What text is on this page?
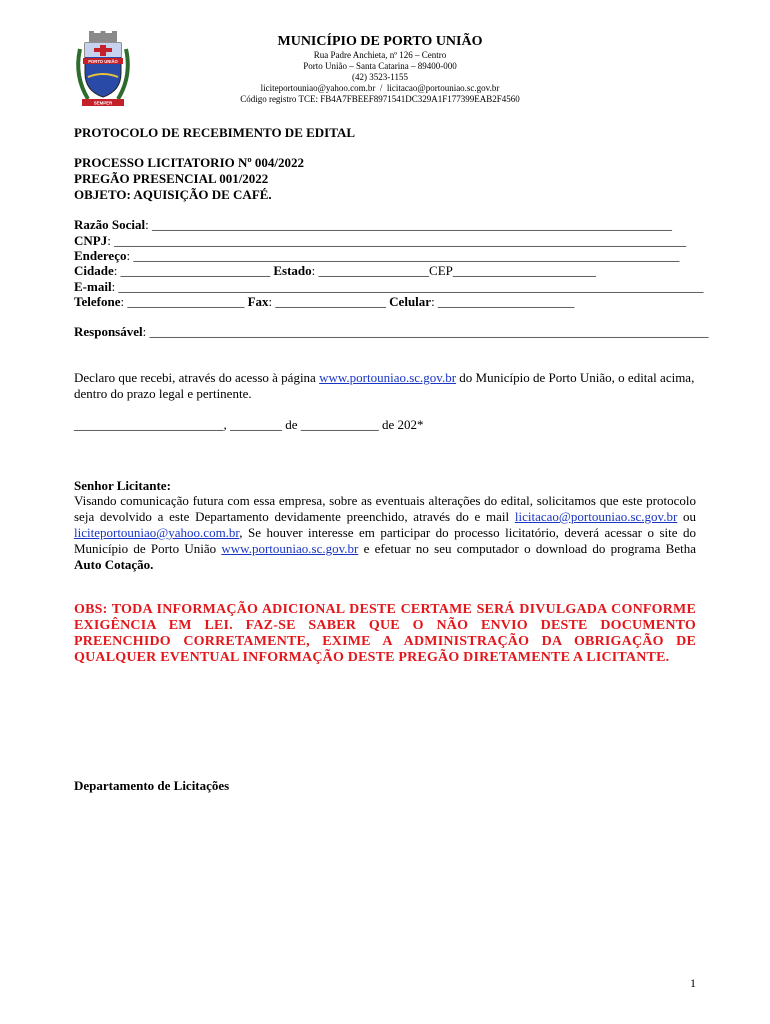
PORTO UNIÃO
SEMPER
MUNICÍPIO DE PORTO UNIÃO
Rua Padre Anchieta, nº 126 – Centro
Porto União – Santa Catarina – 89400-000
(42) 3523-1155
liciteportouniao@yahoo.com.br / licitacao@portouniao.sc.gov.br
Código registro TCE: FB4A7FBEEF8971541DC329A1F177399EAB2F4560
PROTOCOLO DE RECEBIMENTO DE EDITAL
PROCESSO LICITATORIO Nº 004/2022
PREGÃO PRESENCIAL 001/2022
OBJETO: AQUISIÇÃO DE CAFÉ.
Razão Social: ________________________________________________________________________________
CNPJ: ________________________________________________________________________________________
Endereço: ____________________________________________________________________________________
Cidade: _______________________ Estado: _________________CEP______________________
E-mail: __________________________________________________________________________________________
Telefone: __________________ Fax: _________________ Celular: _____________________
Responsável: ______________________________________________________________________________________
Declaro que recebi, através do acesso à página www.portouniao.sc.gov.br do Município de Porto União, o edital acima, dentro do prazo legal e pertinente.
_______________________, ________ de ____________ de 202*
Senhor Licitante:
Visando comunicação futura com essa empresa, sobre as eventuais alterações do edital, solicitamos que este protocolo seja devolvido a este Departamento devidamente preenchido, através do e mail licitacao@portouniao.sc.gov.br ou liciteportouniao@yahoo.com.br, Se houver interesse em participar do processo licitatório, deverá acessar o site do Município de Porto União www.portouniao.sc.gov.br e efetuar no seu computador o download do programa Betha Auto Cotação.
OBS: TODA INFORMAÇÃO ADICIONAL DESTE CERTAME SERÁ DIVULGADA CONFORME EXIGÊNCIA EM LEI. FAZ-SE SABER QUE O NÃO ENVIO DESTE DOCUMENTO PREENCHIDO CORRETAMENTE, EXIME A ADMINISTRAÇÃO DA OBRIGAÇÃO DE QUALQUER EVENTUAL INFORMAÇÃO DESTE PREGÃO DIRETAMENTE A LICITANTE.
Departamento de Licitações
1
